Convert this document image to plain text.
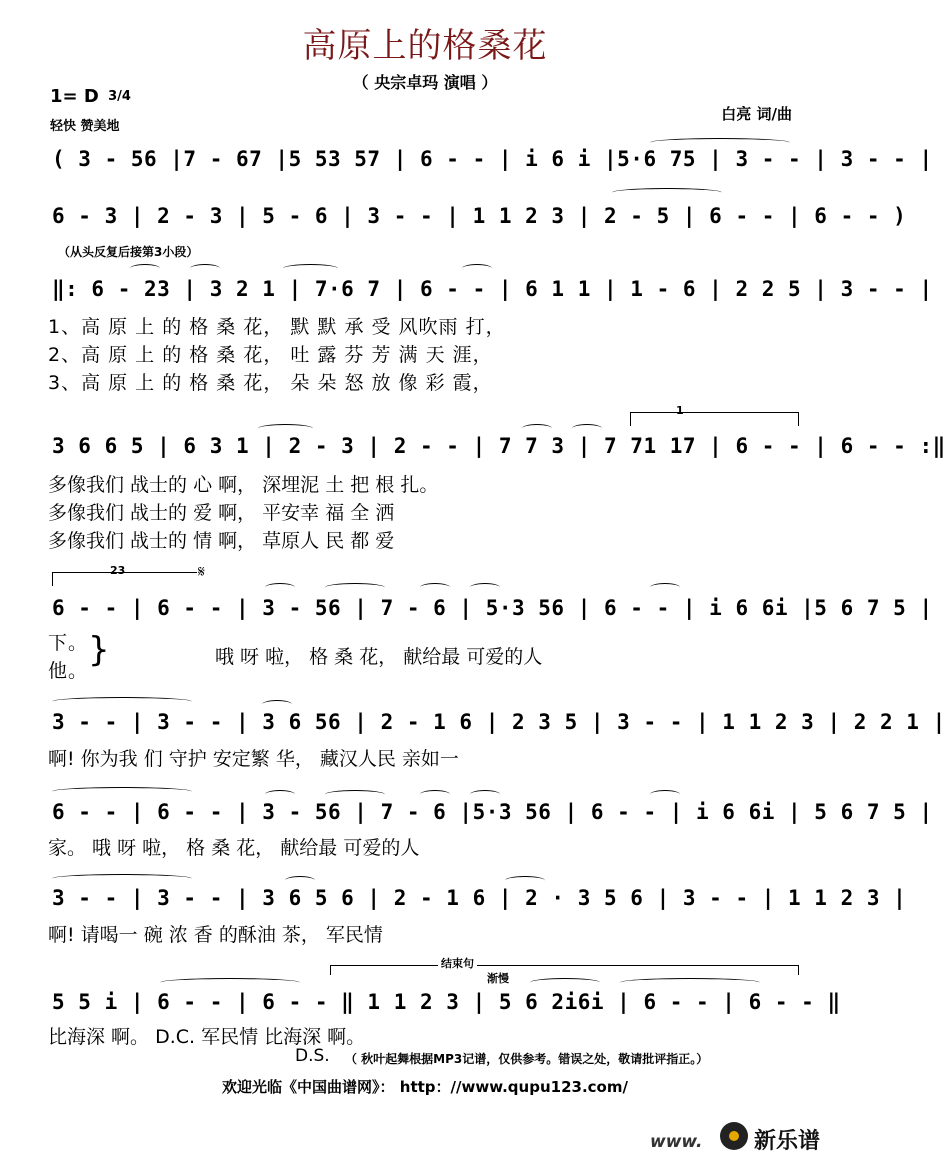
高原上的格桑花
（ 央宗卓玛 演唱 ）
1= D 3/4
轻快 赞美地
白亮 词/曲
( 3 - 56 |7 - 67 |5 53 57 | 6 - - | i 6 i |5·6 75 | 3 - - | 3 - - |
6 - 3 | 2 - 3 | 5 - 6 | 3 - - | 1 1 2 3 | 2 - 5 | 6 - - | 6 - - )
（从头反复后接第3小段）
‖: 6 - 23 | 3 2 1 | 7·6 7 | 6 - - | 6 1 1 | 1 - 6 | 2 2 5 | 3 - - |
1、高 原 上 的 格 桑 花， 默 默 承 受 风吹雨 打，
2、高 原 上 的 格 桑 花， 吐 露 芬 芳 满 天 涯，
3、高 原 上 的 格 桑 花， 朵 朵 怒 放 像 彩 霞，
1
3 6 6 5 | 6 3 1 | 2 - 3 | 2 - - | 7 7 3 | 7 71 17 | 6 - - | 6 - - :‖
多像我们 战士的 心 啊， 深埋泥 土 把 根 扎。
多像我们 战士的 爱 啊， 平安幸 福 全 洒
多像我们 战士的 情 啊， 草原人 民 都 爱
23	𝄋
6 - - | 6 - - | 3 - 56 | 7 - 6 | 5·3 56 | 6 - - | i 6 6i |5 6 7 5 |
下。
他。
}	哦 呀 啦， 格 桑 花， 献给最 可爱的人
3 - - | 3 - - | 3 6 56 | 2 - 1 6 | 2 3 5 | 3 - - | 1 1 2 3 | 2 2 1 |
啊! 你为我 们 守护 安定繁 华， 藏汉人民 亲如一
6 - - | 6 - - | 3 - 56 | 7 - 6 |5·3 56 | 6 - - | i 6 6i | 5 6 7 5 |
家。 哦 呀 啦， 格 桑 花， 献给最 可爱的人
3 - - | 3 - - | 3 6 5 6 | 2 - 1 6 | 2 · 3 5 6 | 3 - - | 1 1 2 3 |
啊! 请喝一 碗 浓 香 的酥油 茶， 军民情
结束句
渐慢
5 5 i | 6 - - | 6 - - ‖ 1 1 2 3 | 5 6 2i6i | 6 - - | 6 - - ‖
比海深 啊。 D.C. 军民情 比海深 啊。
D.S. （ 秋叶起舞根据MP3记谱，仅供参考。错误之处，敬请批评指正。）
欢迎光临《中国曲谱网》： http：//www.qupu123.com/
www. 新乐谱
